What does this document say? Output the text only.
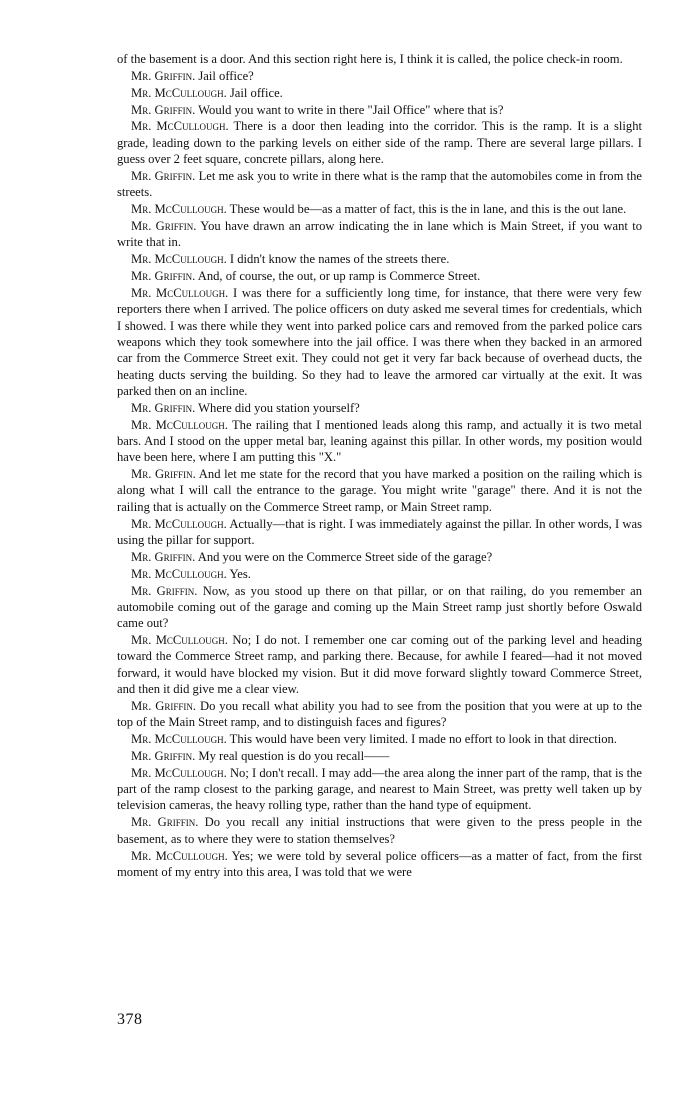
of the basement is a door. And this section right here is, I think it is called, the police check-in room.

Mr. Griffin. Jail office?

Mr. McCullough. Jail office.

Mr. Griffin. Would you want to write in there "Jail Office" where that is?

Mr. McCullough. There is a door then leading into the corridor. This is the ramp. It is a slight grade, leading down to the parking levels on either side of the ramp. There are several large pillars. I guess over 2 feet square, concrete pillars, along here.

Mr. Griffin. Let me ask you to write in there what is the ramp that the automobiles come in from the streets.

Mr. McCullough. These would be—as a matter of fact, this is the in lane, and this is the out lane.

Mr. Griffin. You have drawn an arrow indicating the in lane which is Main Street, if you want to write that in.

Mr. McCullough. I didn't know the names of the streets there.

Mr. Griffin. And, of course, the out, or up ramp is Commerce Street.

Mr. McCullough. I was there for a sufficiently long time, for instance, that there were very few reporters there when I arrived. The police officers on duty asked me several times for credentials, which I showed. I was there while they went into parked police cars and removed from the parked police cars weapons which they took somewhere into the jail office. I was there when they backed in an armored car from the Commerce Street exit. They could not get it very far back because of overhead ducts, the heating ducts serving the building. So they had to leave the armored car virtually at the exit. It was parked then on an incline.

Mr. Griffin. Where did you station yourself?

Mr. McCullough. The railing that I mentioned leads along this ramp, and actually it is two metal bars. And I stood on the upper metal bar, leaning against this pillar. In other words, my position would have been here, where I am putting this "X."

Mr. Griffin. And let me state for the record that you have marked a position on the railing which is along what I will call the entrance to the garage. You might write "garage" there. And it is not the railing that is actually on the Commerce Street ramp, or Main Street ramp.

Mr. McCullough. Actually—that is right. I was immediately against the pillar. In other words, I was using the pillar for support.

Mr. Griffin. And you were on the Commerce Street side of the garage?

Mr. McCullough. Yes.

Mr. Griffin. Now, as you stood up there on that pillar, or on that railing, do you remember an automobile coming out of the garage and coming up the Main Street ramp just shortly before Oswald came out?

Mr. McCullough. No; I do not. I remember one car coming out of the parking level and heading toward the Commerce Street ramp, and parking there. Because, for awhile I feared—had it not moved forward, it would have blocked my vision. But it did move forward slightly toward Commerce Street, and then it did give me a clear view.

Mr. Griffin. Do you recall what ability you had to see from the position that you were at up to the top of the Main Street ramp, and to distinguish faces and figures?

Mr. McCullough. This would have been very limited. I made no effort to look in that direction.

Mr. Griffin. My real question is do you recall——

Mr. McCullough. No; I don't recall. I may add—the area along the inner part of the ramp, that is the part of the ramp closest to the parking garage, and nearest to Main Street, was pretty well taken up by television cameras, the heavy rolling type, rather than the hand type of equipment.

Mr. Griffin. Do you recall any initial instructions that were given to the press people in the basement, as to where they were to station themselves?

Mr. McCullough. Yes; we were told by several police officers—as a matter of fact, from the first moment of my entry into this area, I was told that we were

378
